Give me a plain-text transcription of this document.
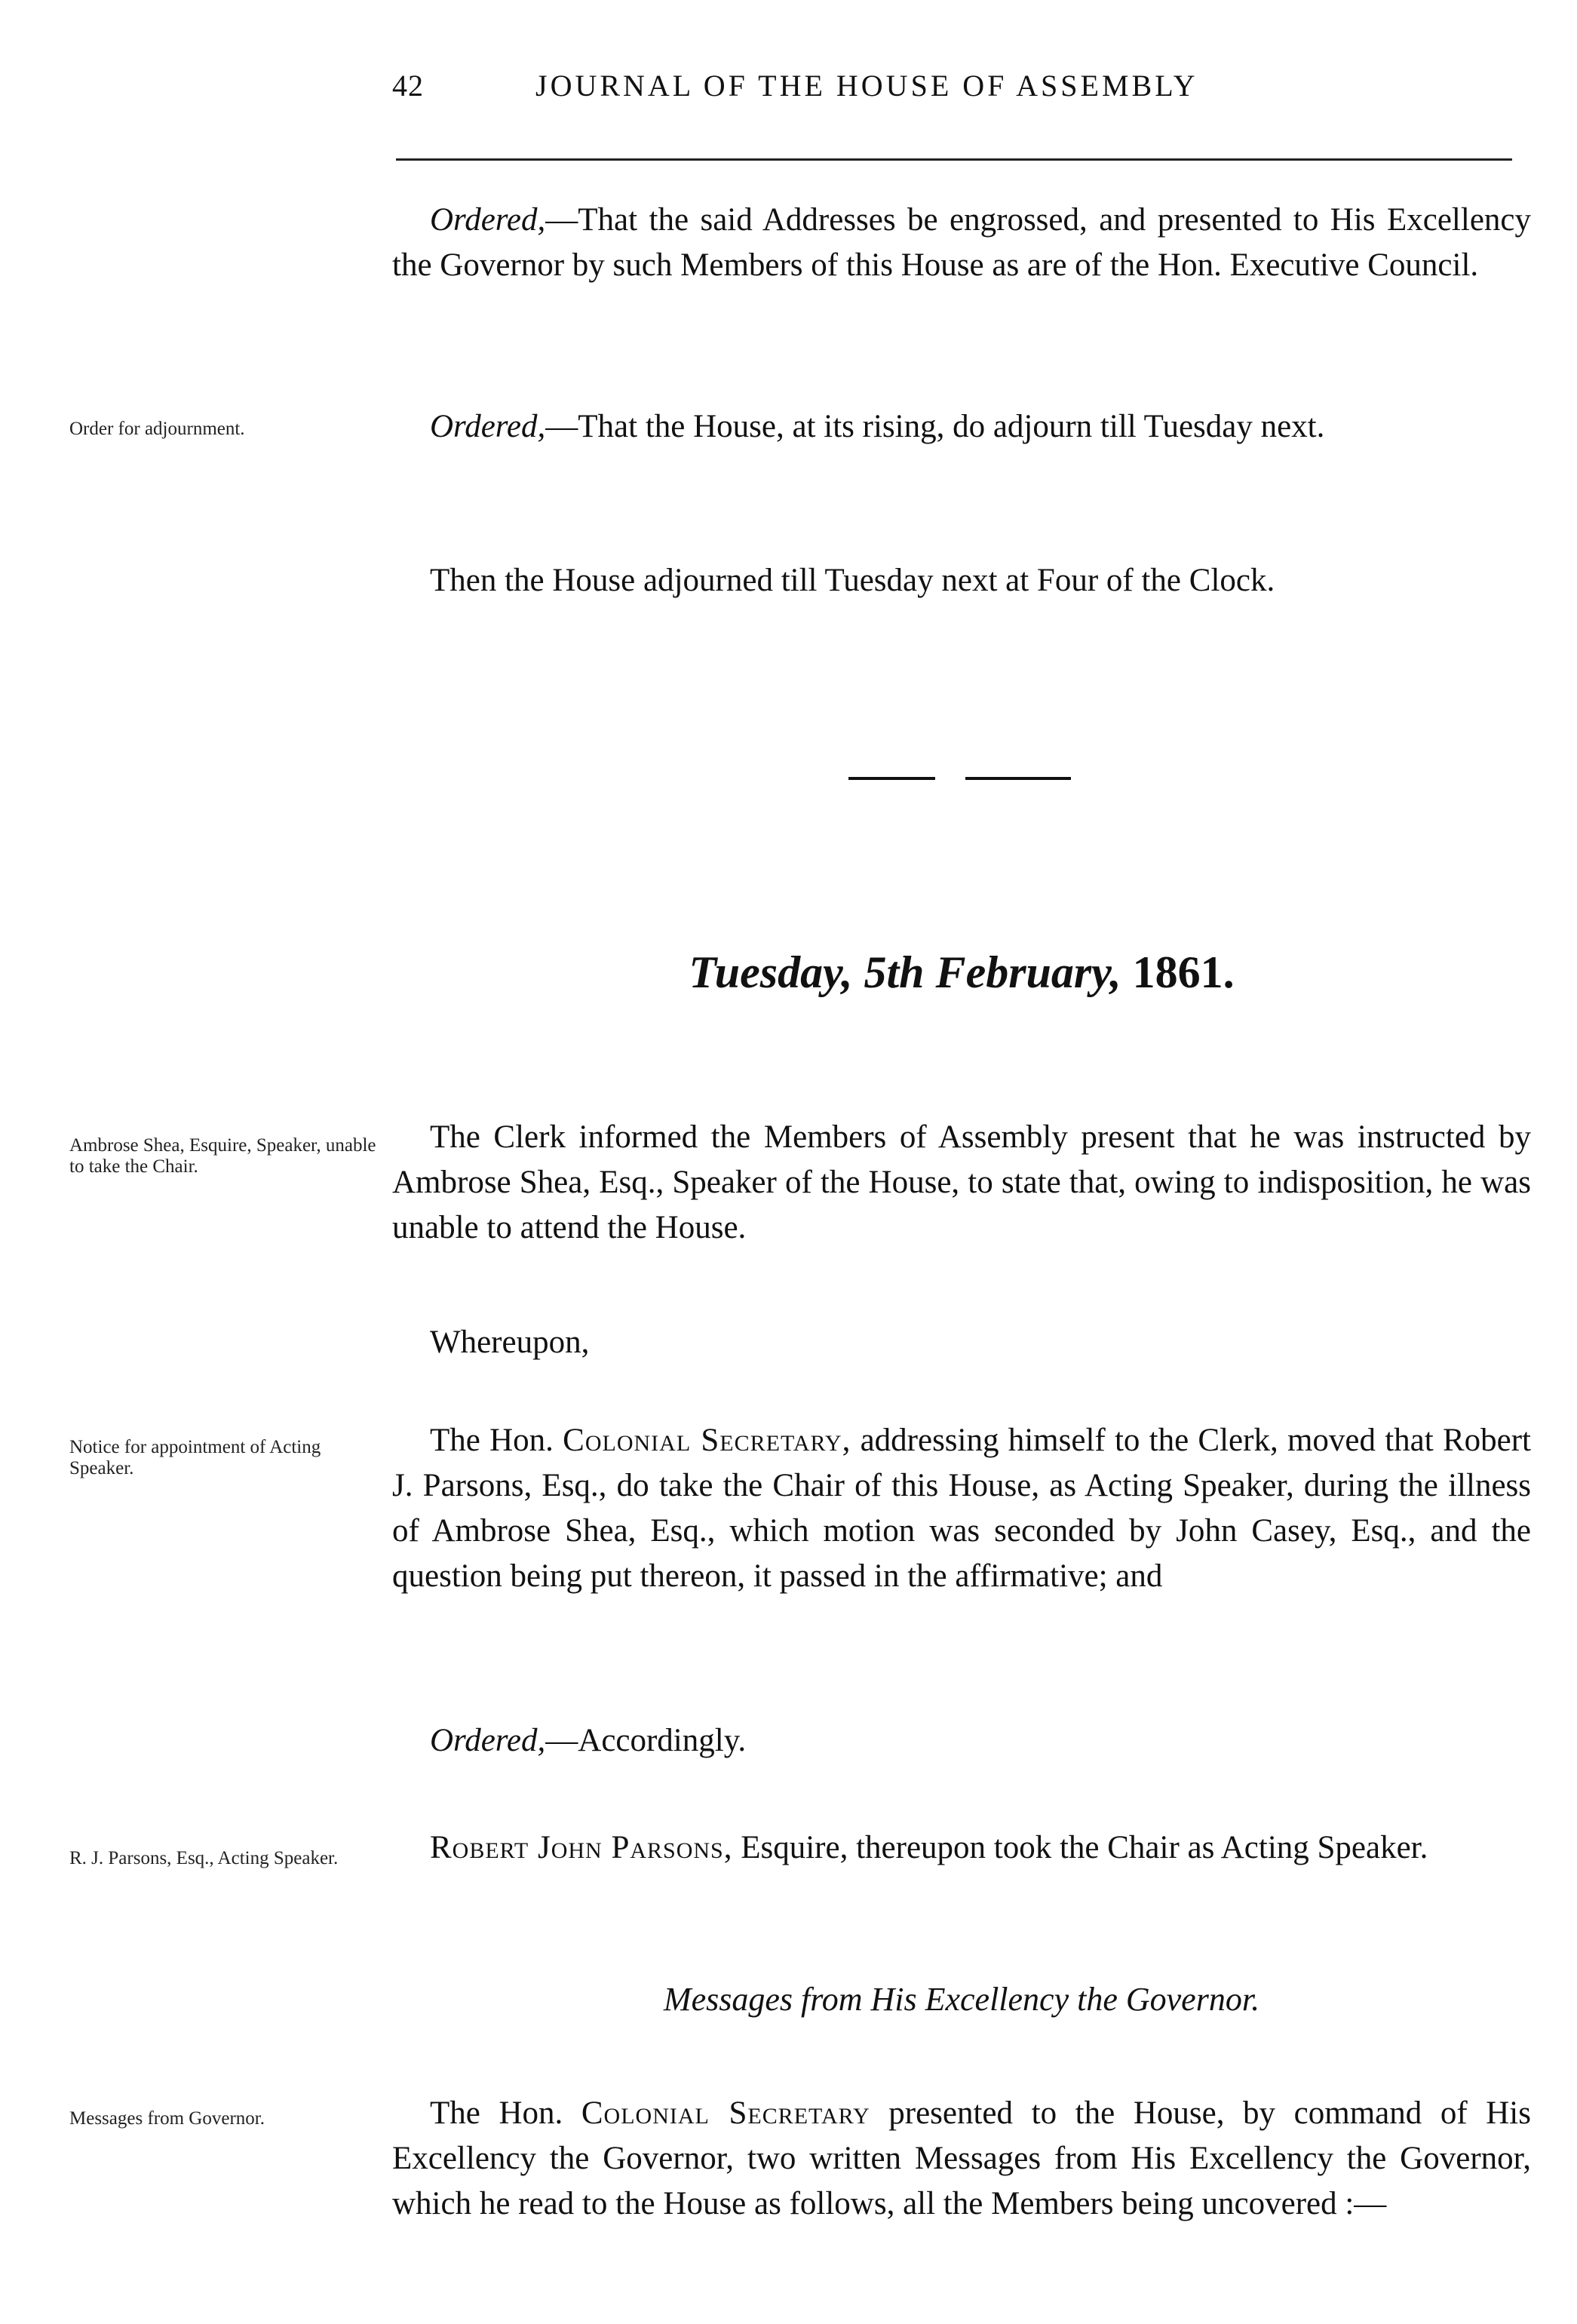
42	JOURNAL OF THE HOUSE OF ASSEMBLY
Ordered,—That the said Addresses be engrossed, and presented to His Excellency the Governor by such Members of this House as are of the Hon. Executive Council.
Order for adjournment.	Ordered,—That the House, at its rising, do adjourn till Tuesday next.
Then the House adjourned till Tuesday next at Four of the Clock.
Tuesday, 5th February, 1861.
Ambrose Shea, Esquire, Speaker, unable to take the Chair.
The Clerk informed the Members of Assembly present that he was instructed by Ambrose Shea, Esq., Speaker of the House, to state that, owing to indisposition, he was unable to attend the House.
Whereupon,
Notice for appointment of Acting Speaker.
The Hon. Colonial Secretary, addressing himself to the Clerk, moved that Robert J. Parsons, Esq., do take the Chair of this House, as Acting Speaker, during the illness of Ambrose Shea, Esq., which motion was seconded by John Casey, Esq., and the question being put thereon, it passed in the affirmative; and
Ordered,—Accordingly.
R. J. Parsons, Esq., Acting Speaker.	Robert John Parsons, Esquire, thereupon took the Chair as Acting Speaker.
Messages from His Excellency the Governor.
Messages from Governor.	The Hon. Colonial Secretary presented to the House, by command of His Excellency the Governor, two written Messages from His Excellency the Governor, which he read to the House as follows, all the Members being uncovered :—
